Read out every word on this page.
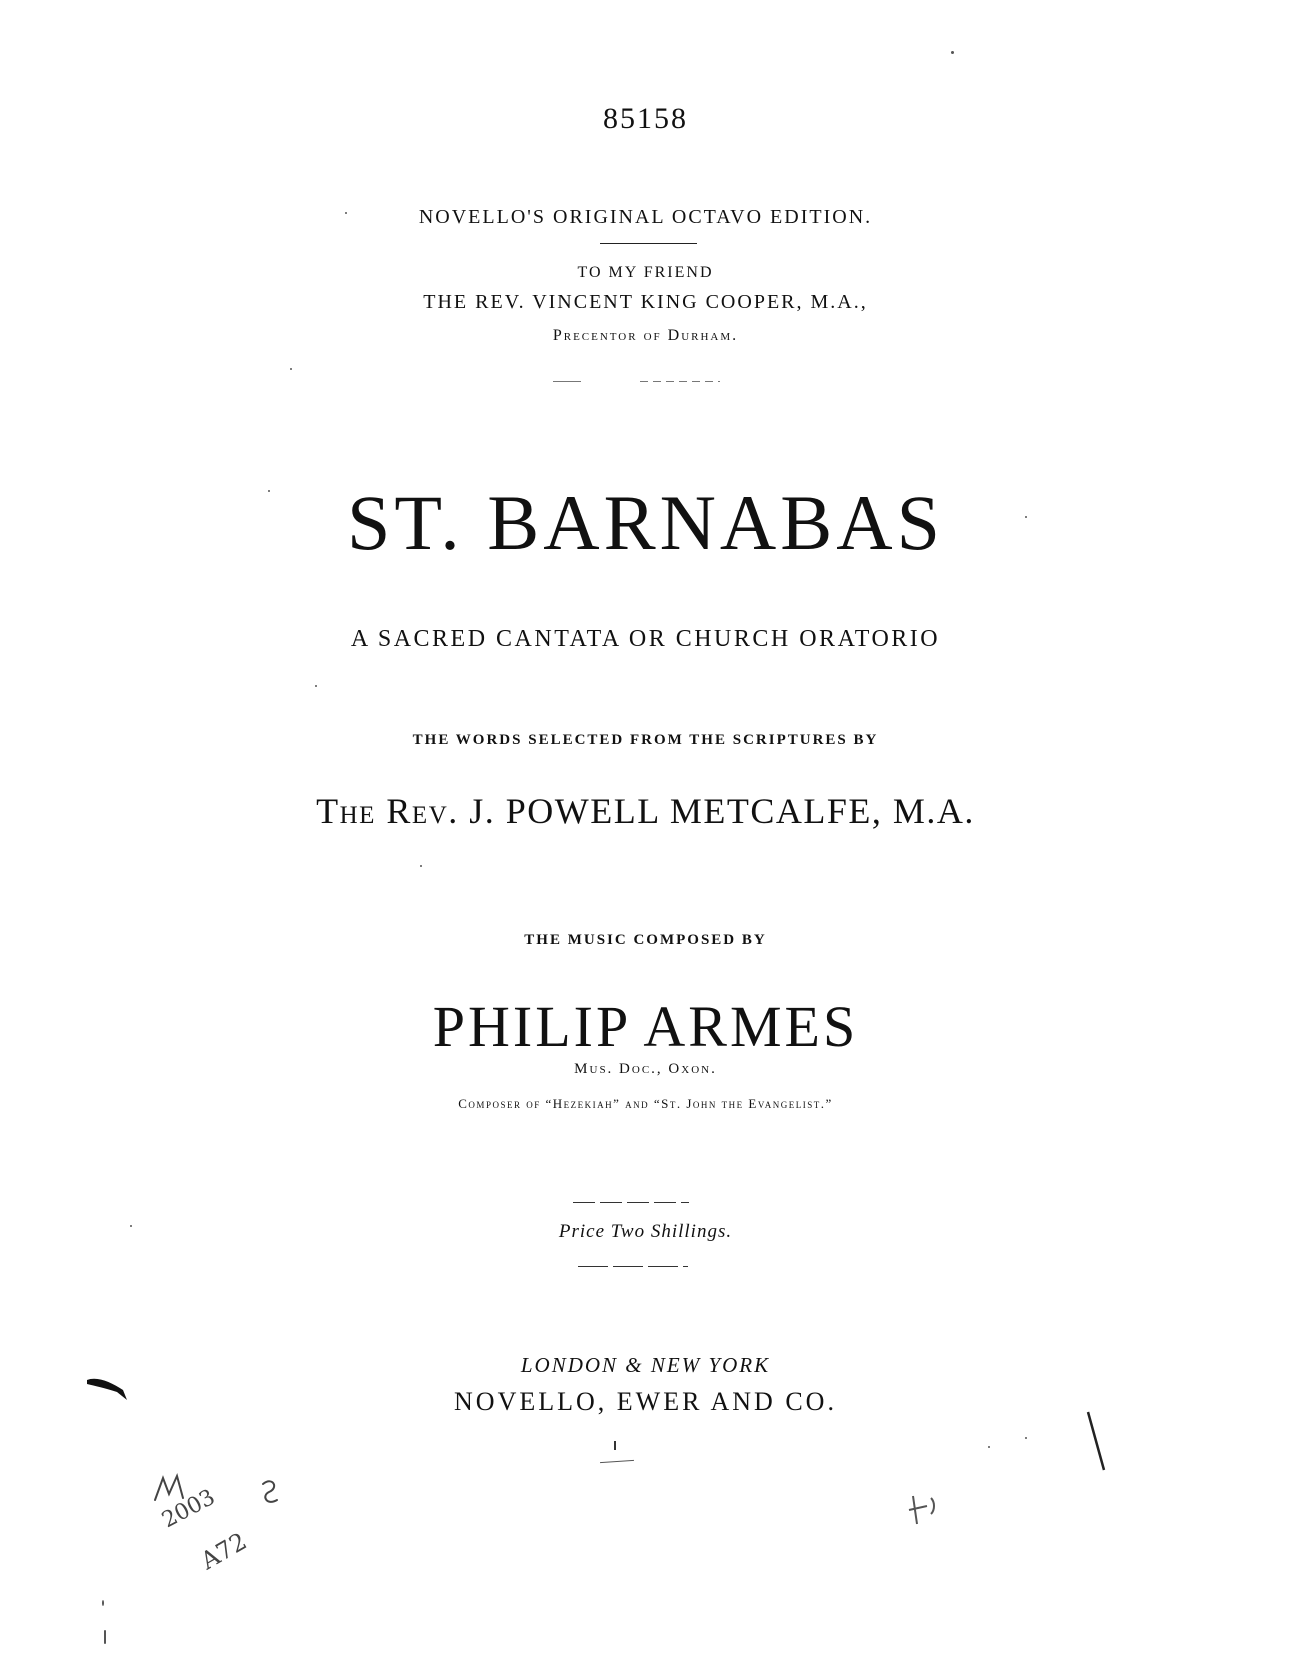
85158
NOVELLO'S ORIGINAL OCTAVO EDITION.
TO MY FRIEND
THE REV. VINCENT KING COOPER, M.A.,
Precentor of Durham.
ST. BARNABAS
A SACRED CANTATA OR CHURCH ORATORIO
THE WORDS SELECTED FROM THE SCRIPTURES BY
The Rev. J. POWELL METCALFE, M.A.
THE MUSIC COMPOSED BY
PHILIP ARMES
Mus. Doc., Oxon.
Composer of “Hezekiah” and “St. John the Evangelist.”
Price Two Shillings.
LONDON & NEW YORK
NOVELLO, EWER AND CO.
2003
A72
